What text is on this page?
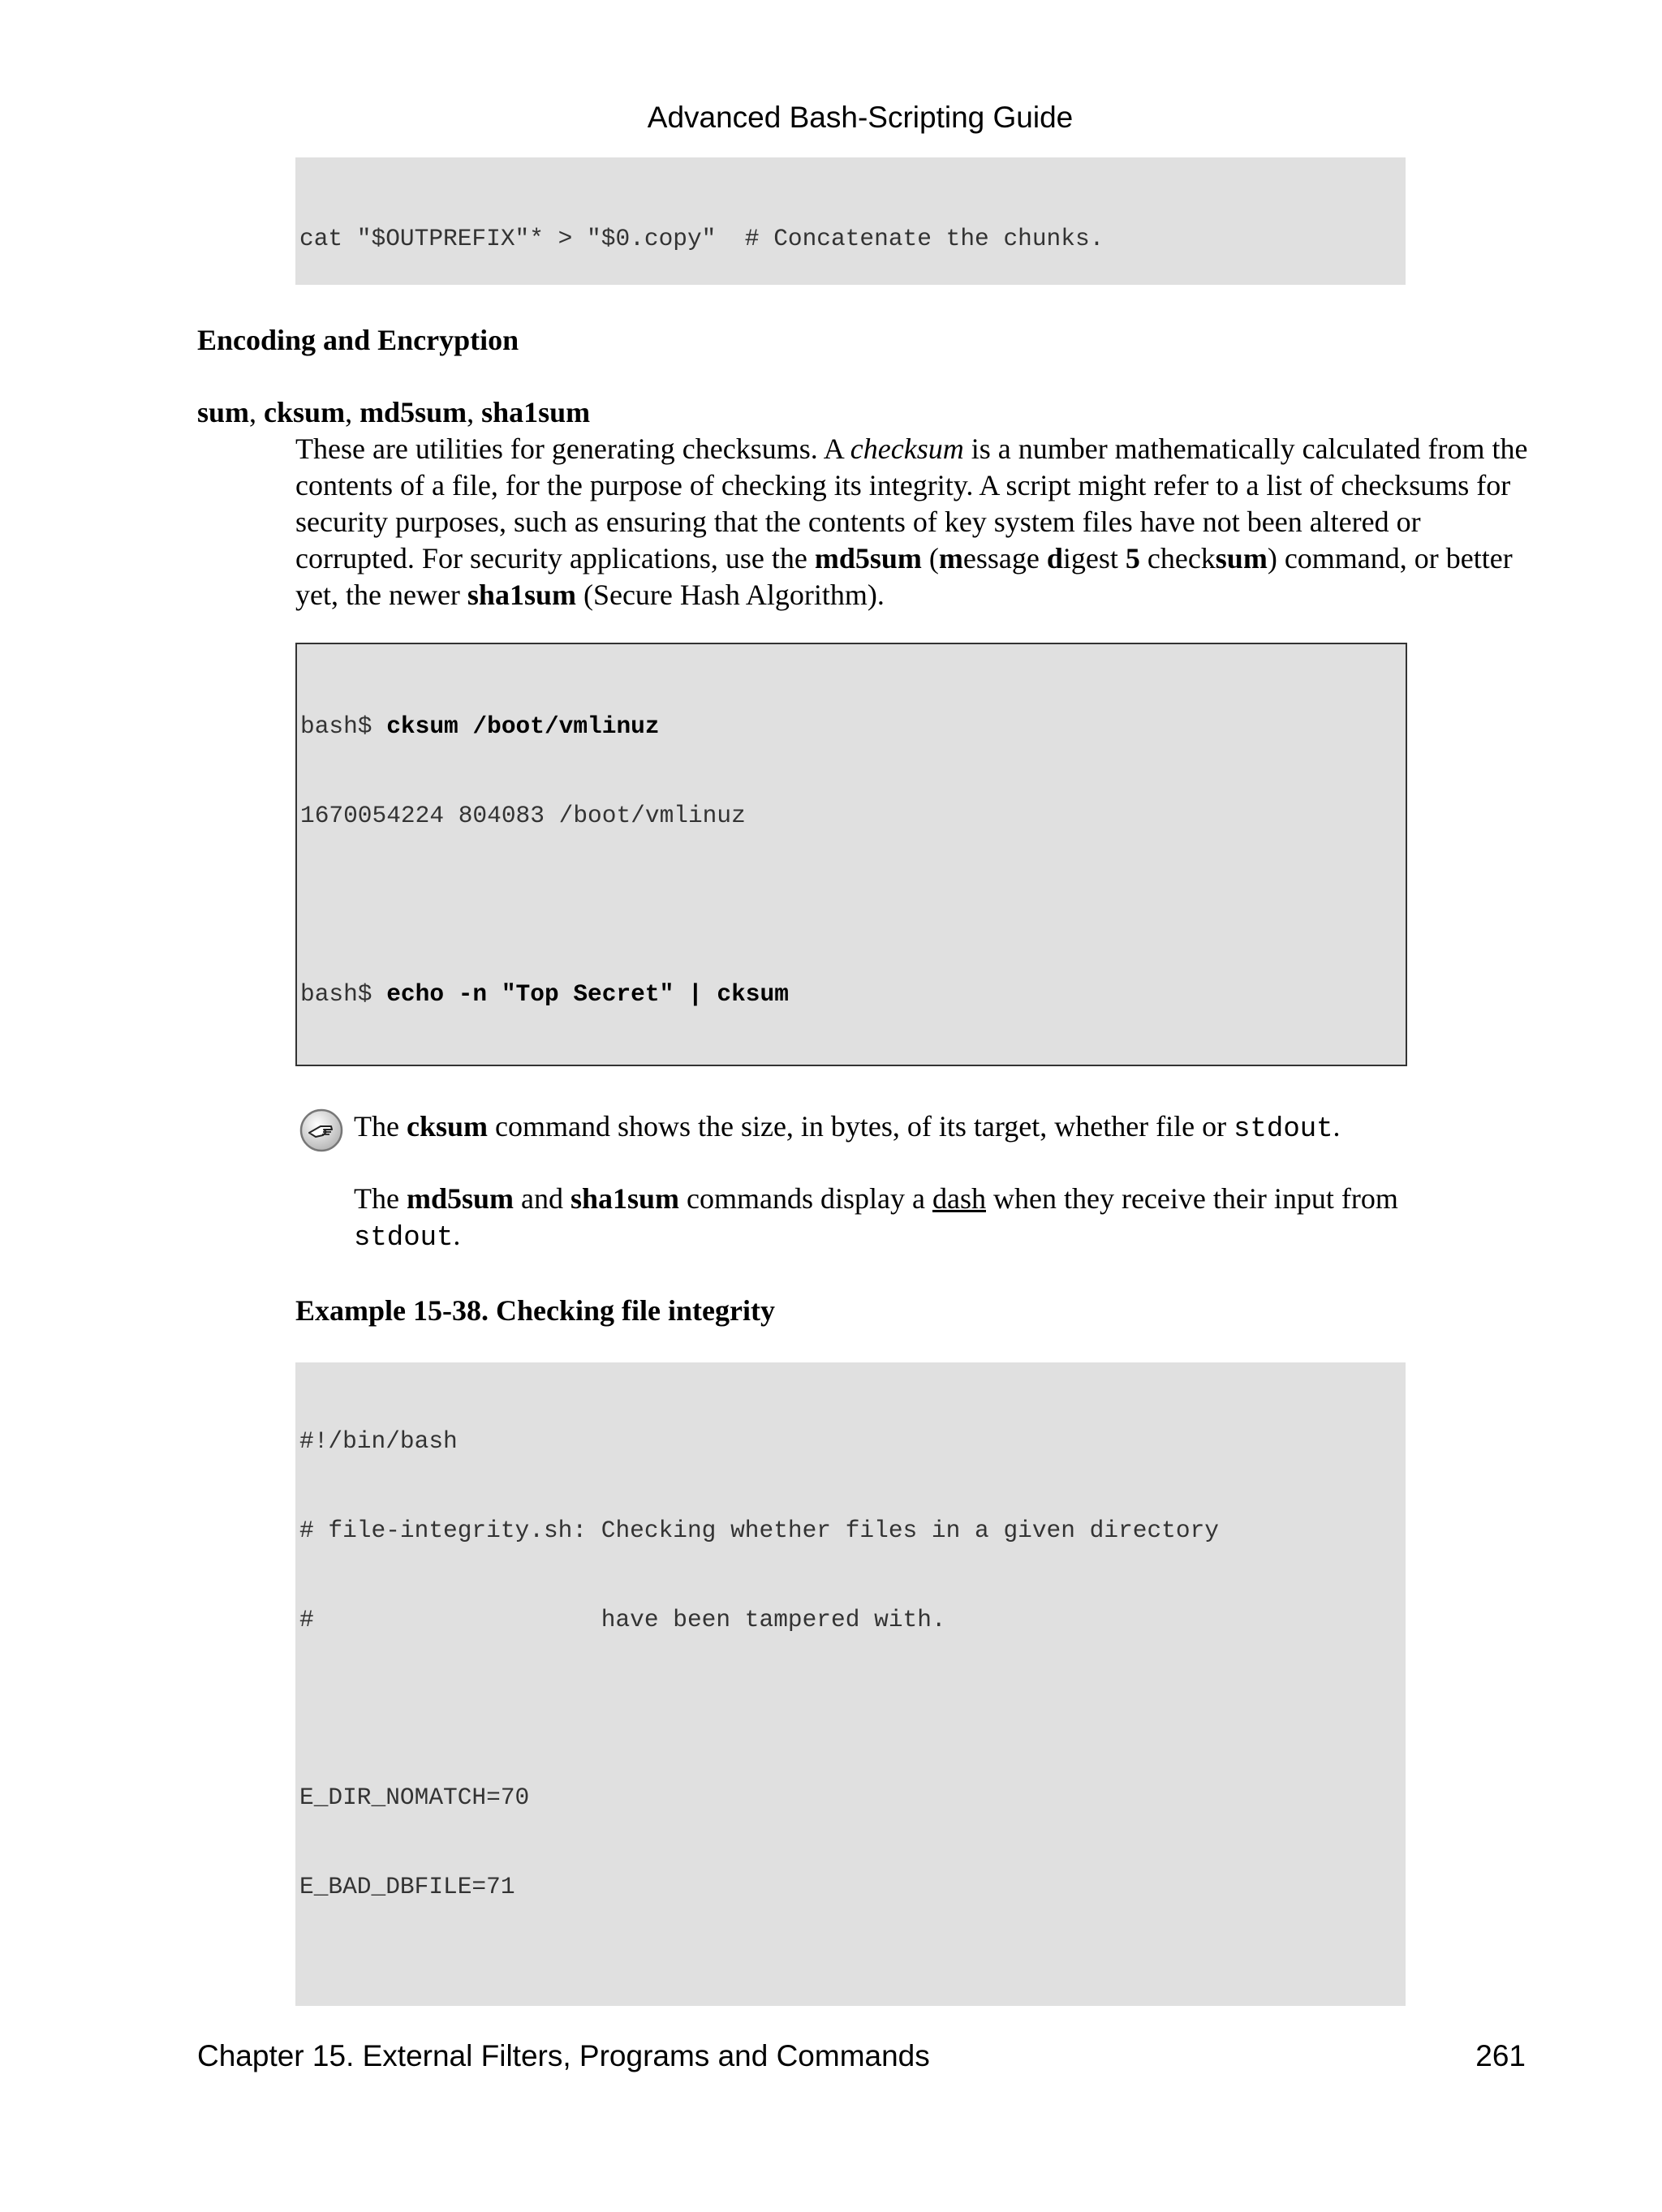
Advanced Bash-Scripting Guide

cat "$OUTPREFIX"* > "$0.copy"  # Concatenate the chunks.

Encoding and Encryption
sum, cksum, md5sum, sha1sum
These are utilities for generating checksums. A checksum is a number mathematically calculated from the contents of a file, for the purpose of checking its integrity. A script might refer to a list of checksums for security purposes, such as ensuring that the contents of key system files have not been altered or corrupted. For security applications, use the md5sum (message digest 5 checksum) command, or better yet, the newer sha1sum (Secure Hash Algorithm).

bash$ cksum /boot/vmlinuz

1670054224 804083 /boot/vmlinuz

bash$ echo -n "Top Secret" | cksum

The cksum command shows the size, in bytes, of its target, whether file or stdout.
The md5sum and sha1sum commands display a dash when they receive their input from stdout.
Example 15-38. Checking file integrity

#!/bin/bash

# file-integrity.sh: Checking whether files in a given directory

#                    have been tampered with.

E_DIR_NOMATCH=70

E_BAD_DBFILE=71

Chapter 15. External Filters, Programs and Commands	261
